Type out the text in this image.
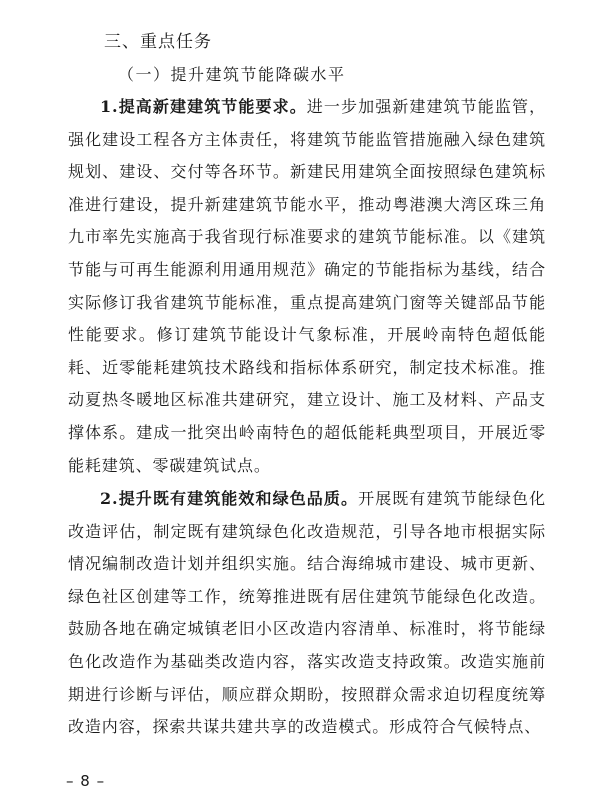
三、重点任务
（一）提升建筑节能降碳水平

1.提高新建建筑节能要求。进一步加强新建建筑节能监管，强化建设工程各方主体责任，将建筑节能监管措施融入绿色建筑规划、建设、交付等各环节。新建民用建筑全面按照绿色建筑标准进行建设，提升新建建筑节能水平，推动粤港澳大湾区珠三角九市率先实施高于我省现行标准要求的建筑节能标准。以《建筑节能与可再生能源利用通用规范》确定的节能指标为基线，结合实际修订我省建筑节能标准，重点提高建筑门窗等关键部品节能性能要求。修订建筑节能设计气象标准，开展岭南特色超低能耗、近零能耗建筑技术路线和指标体系研究，制定技术标准。推动夏热冬暖地区标准共建研究，建立设计、施工及材料、产品支撑体系。建成一批突出岭南特色的超低能耗典型项目，开展近零能耗建筑、零碳建筑试点。

2.提升既有建筑能效和绿色品质。开展既有建筑节能绿色化改造评估，制定既有建筑绿色化改造规范，引导各地市根据实际情况编制改造计划并组织实施。结合海绵城市建设、城市更新、绿色社区创建等工作，统筹推进既有居住建筑节能绿色化改造。鼓励各地在确定城镇老旧小区改造内容清单、标准时，将节能绿色化改造作为基础类改造内容，落实改造支持政策。改造实施前期进行诊断与评估，顺应群众期盼，按照群众需求迫切程度统筹改造内容，探索共谋共建共享的改造模式。形成符合气候特点、

– 8 –
